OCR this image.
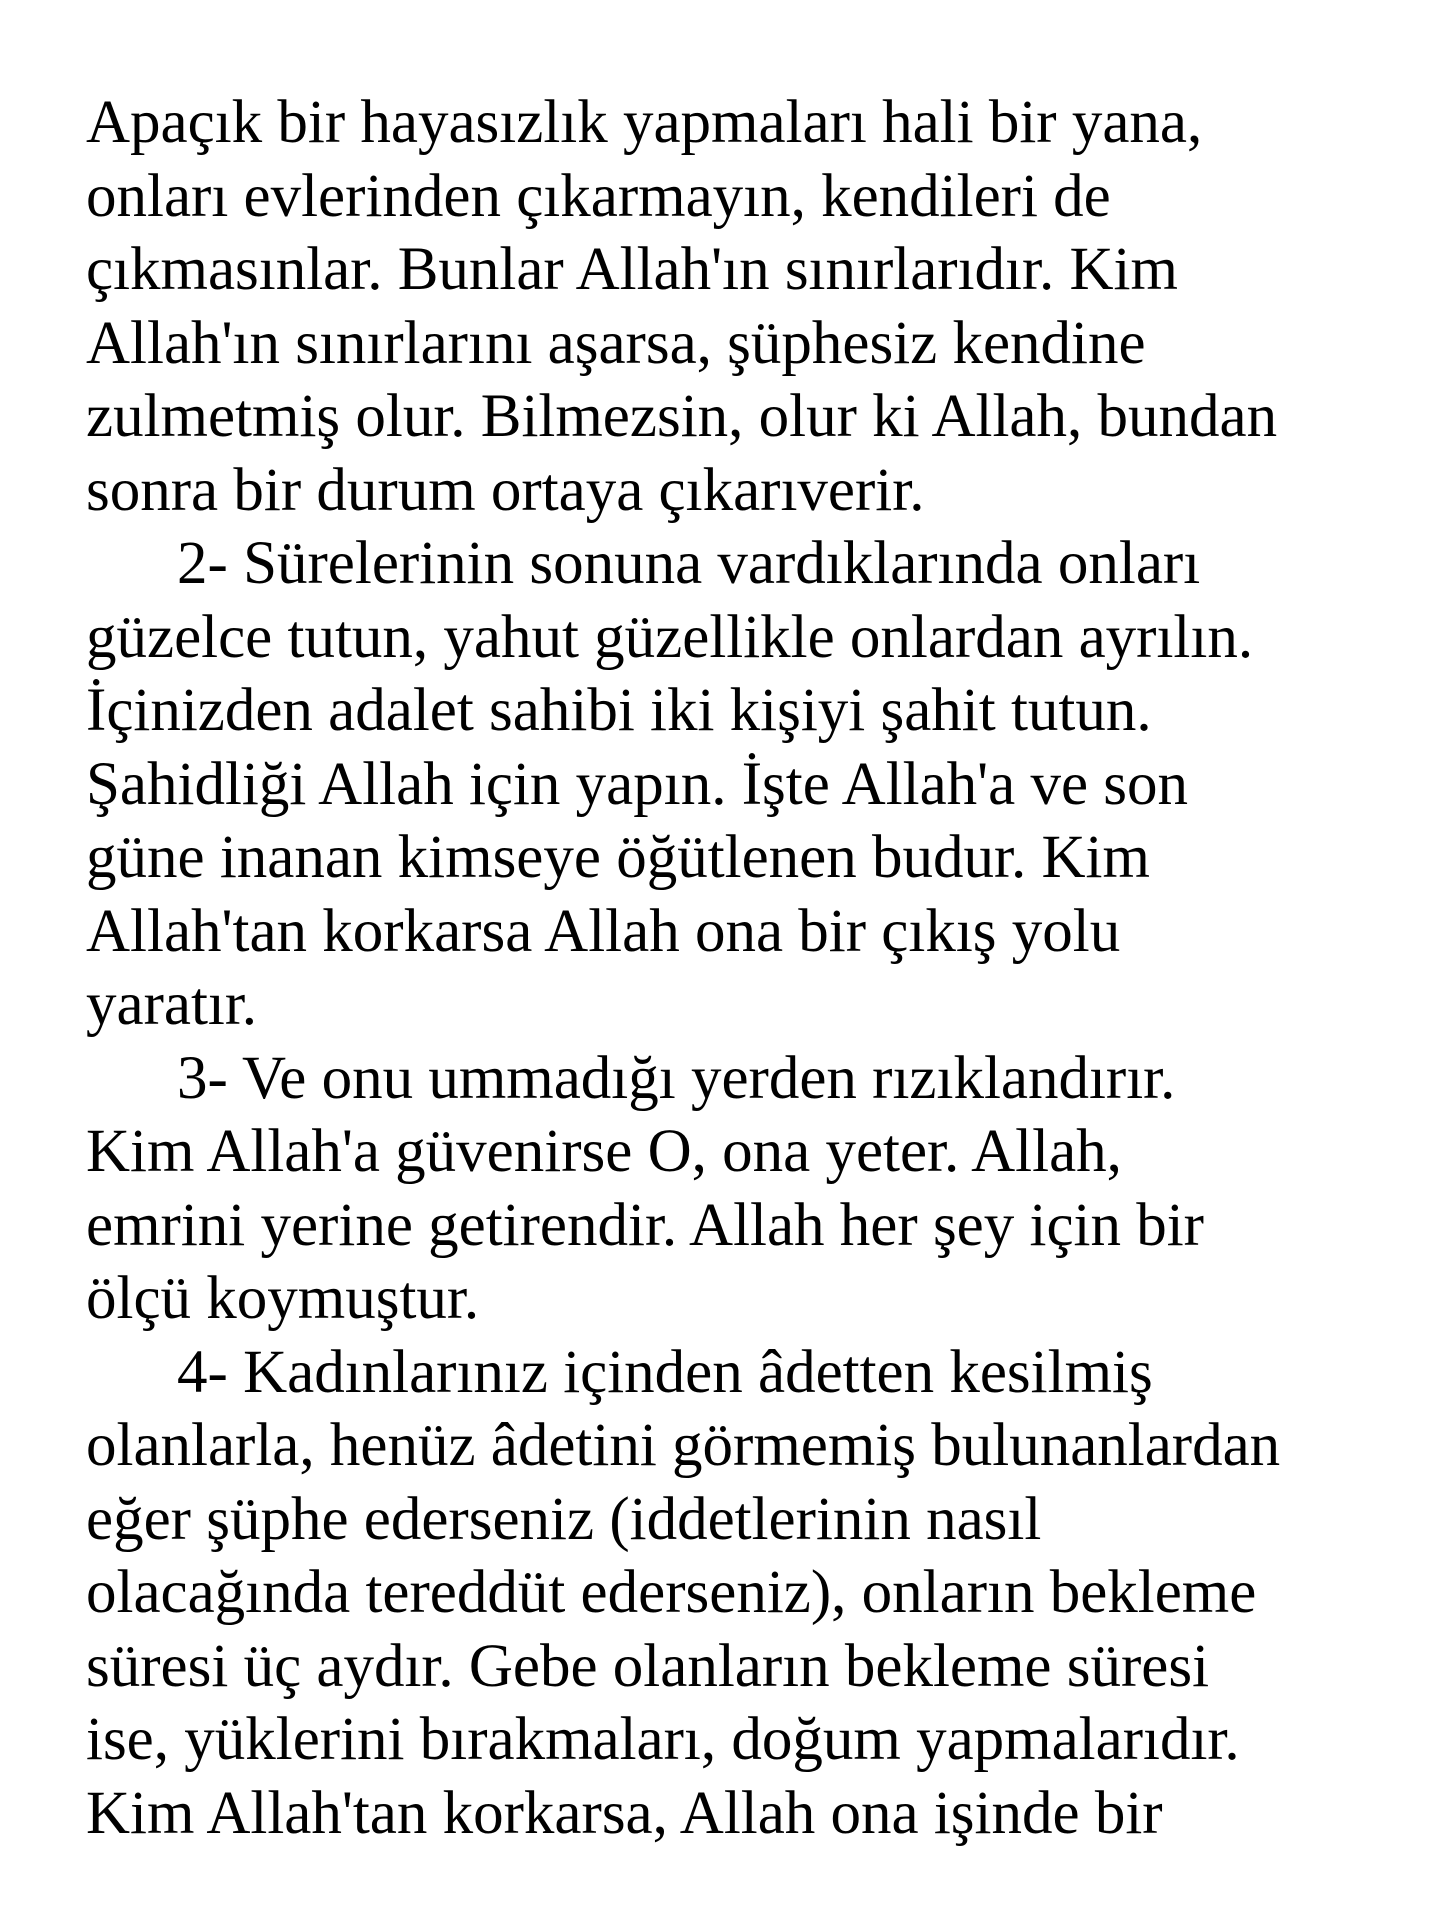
Apaçık bir hayasızlık yapmaları hali bir yana,
onları evlerinden çıkarmayın, kendileri de
çıkmasınlar. Bunlar Allah'ın sınırlarıdır. Kim
Allah'ın sınırlarını aşarsa, şüphesiz kendine
zulmetmiş olur. Bilmezsin, olur ki Allah, bundan
sonra bir durum ortaya çıkarıverir.
2- Sürelerinin sonuna vardıklarında onları
güzelce tutun, yahut güzellikle onlardan ayrılın.
İçinizden adalet sahibi iki kişiyi şahit tutun.
Şahidliği Allah için yapın. İşte Allah'a ve son
güne inanan kimseye öğütlenen budur. Kim
Allah'tan korkarsa Allah ona bir çıkış yolu
yaratır.
3- Ve onu ummadığı yerden rızıklandırır.
Kim Allah'a güvenirse O, ona yeter. Allah,
emrini yerine getirendir. Allah her şey için bir
ölçü koymuştur.
4- Kadınlarınız içinden âdetten kesilmiş
olanlarla, henüz âdetini görmemiş bulunanlardan
eğer şüphe ederseniz (iddetlerinin nasıl
olacağında tereddüt ederseniz), onların bekleme
süresi üç aydır. Gebe olanların bekleme süresi
ise, yüklerini bırakmaları, doğum yapmalarıdır.
Kim Allah'tan korkarsa, Allah ona işinde bir
